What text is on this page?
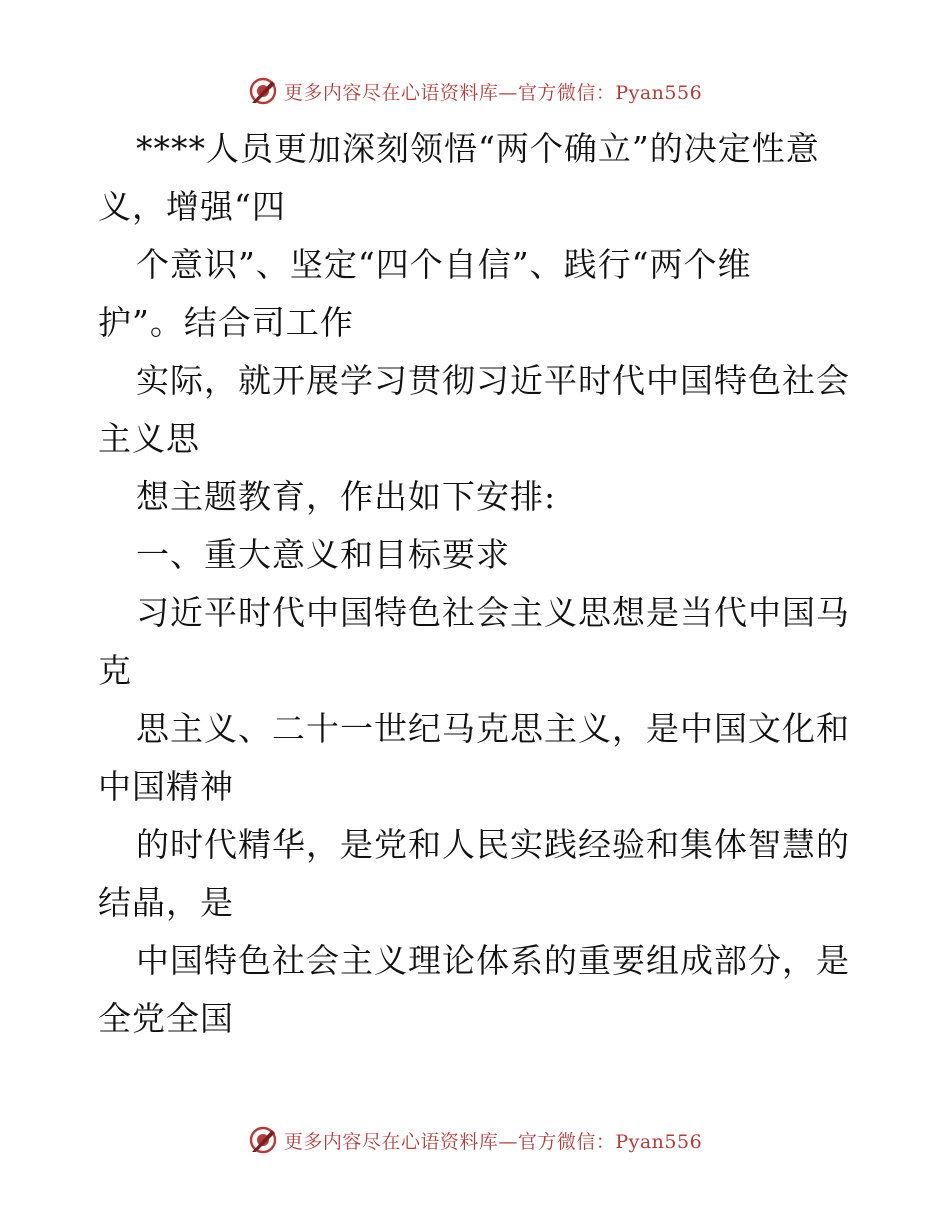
更多内容尽在心语资料库—官方微信：Pyan556
****人员更加深刻领悟“两个确立”的决定性意
义，增强“四
个意识”、坚定“四个自信”、践行“两个维
护”。结合司工作
实际，就开展学习贯彻习近平时代中国特色社会
主义思
想主题教育，作出如下安排:
一、重大意义和目标要求
习近平时代中国特色社会主义思想是当代中国马
克
思主义、二十一世纪马克思主义，是中国文化和
中国精神
的时代精华，是党和人民实践经验和集体智慧的
结晶，是
中国特色社会主义理论体系的重要组成部分，是
全党全国
更多内容尽在心语资料库—官方微信：Pyan556
